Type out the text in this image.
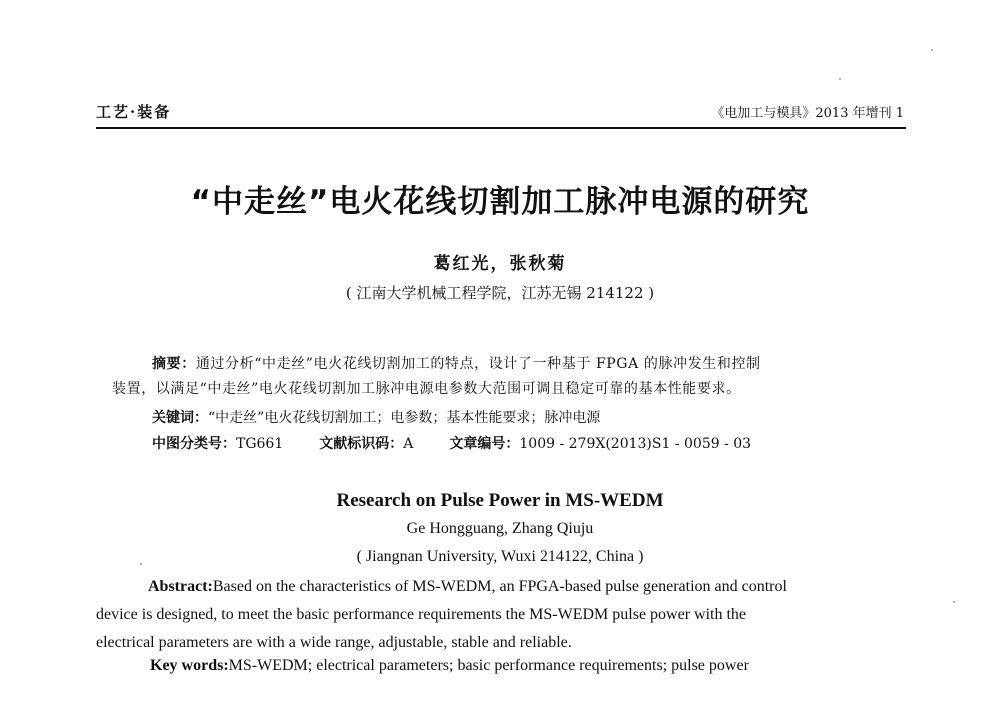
工艺·装备	《电加工与模具》2013 年增刊 1
“中走丝”电火花线切割加工脉冲电源的研究
葛红光，张秋菊
( 江南大学机械工程学院，江苏无锡 214122 )
摘要：通过分析“中走丝”电火花线切割加工的特点，设计了一种基于 FPGA 的脉冲发生和控制
装置，以满足“中走丝”电火花线切割加工脉冲电源电参数大范围可调且稳定可靠的基本性能要求。
关键词：“中走丝”电火花线切割加工；电参数；基本性能要求；脉冲电源
中图分类号：TG661	文献标识码：A	文章编号：1009 - 279X(2013)S1 - 0059 - 03
Research on Pulse Power in MS-WEDM
Ge Hongguang, Zhang Qiuju
( Jiangnan University, Wuxi 214122, China )
Abstract:Based on the characteristics of MS-WEDM, an FPGA-based pulse generation and control
device is designed, to meet the basic performance requirements the MS-WEDM pulse power with the
electrical parameters are with a wide range, adjustable, stable and reliable.
Key words:MS-WEDM; electrical parameters; basic performance requirements; pulse power
